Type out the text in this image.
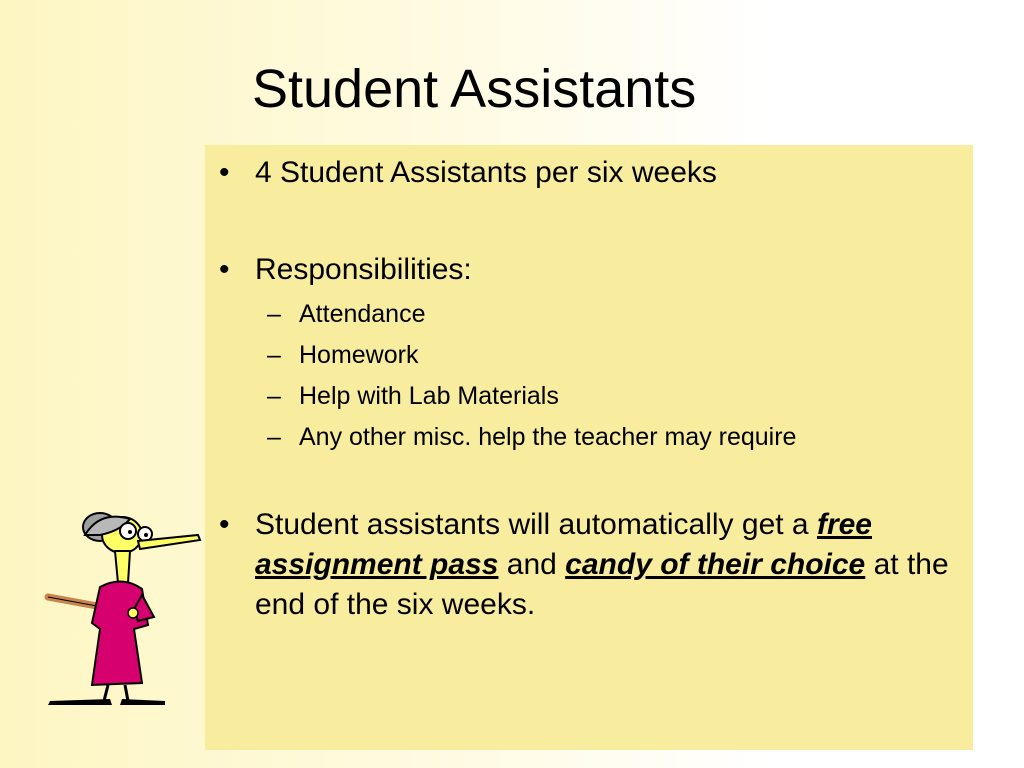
Student Assistants
• 4 Student Assistants per six weeks
• Responsibilities:
– Attendance
– Homework
– Help with Lab Materials
– Any other misc. help the teacher may require
• Student assistants will automatically get a free assignment pass and candy of their choice at the end of the six weeks.
